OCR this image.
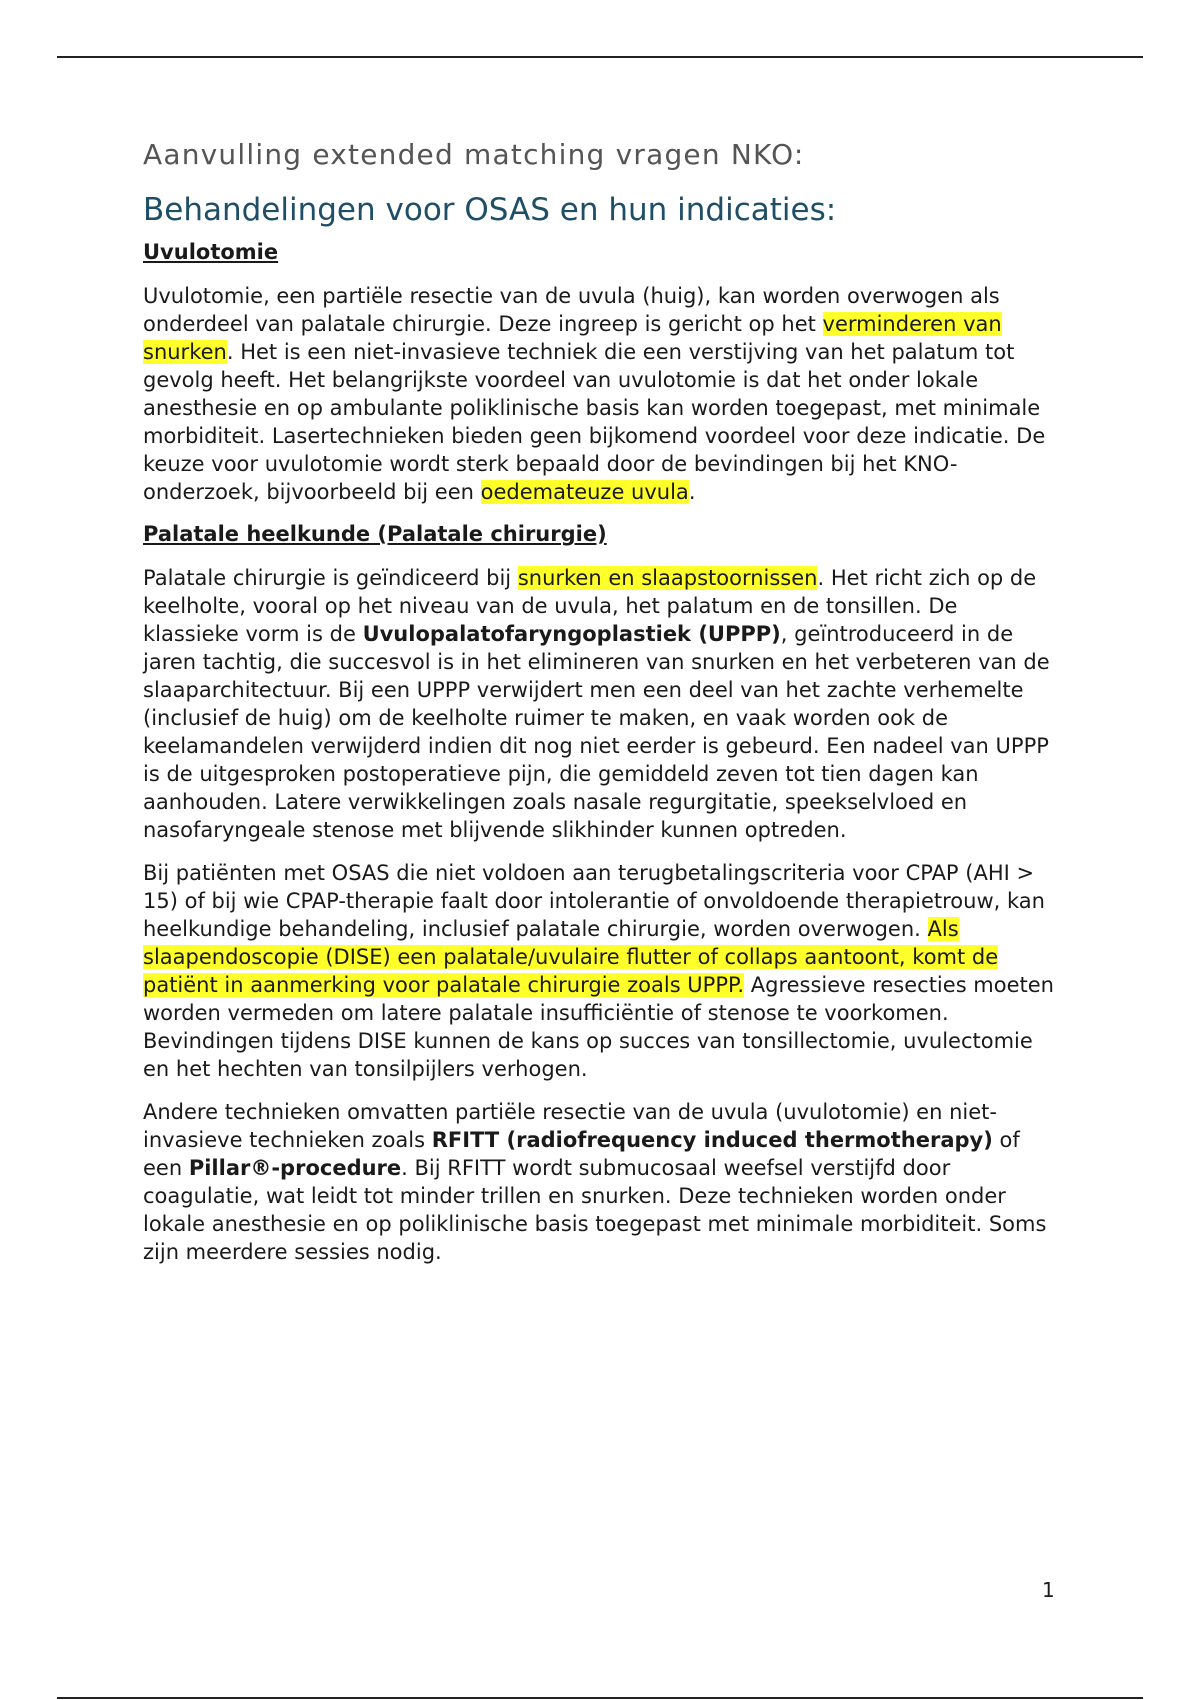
Aanvulling extended matching vragen NKO:
Behandelingen voor OSAS en hun indicaties:
Uvulotomie

Uvulotomie, een partiële resectie van de uvula (huig), kan worden overwogen als onderdeel van palatale chirurgie. Deze ingreep is gericht op het verminderen van snurken. Het is een niet-invasieve techniek die een verstijving van het palatum tot gevolg heeft. Het belangrijkste voordeel van uvulotomie is dat het onder lokale anesthesie en op ambulante poliklinische basis kan worden toegepast, met minimale morbiditeit. Lasertechnieken bieden geen bijkomend voordeel voor deze indicatie. De keuze voor uvulotomie wordt sterk bepaald door de bevindingen bij het KNO-onderzoek, bijvoorbeeld bij een oedemateuze uvula.

Palatale heelkunde (Palatale chirurgie)

Palatale chirurgie is geïndiceerd bij snurken en slaapstoornissen. Het richt zich op de keelholte, vooral op het niveau van de uvula, het palatum en de tonsillen. De klassieke vorm is de Uvulopalatofaryngoplastiek (UPPP), geïntroduceerd in de jaren tachtig, die succesvol is in het elimineren van snurken en het verbeteren van de slaaparchitectuur. Bij een UPPP verwijdert men een deel van het zachte verhemelte (inclusief de huig) om de keelholte ruimer te maken, en vaak worden ook de keelamandelen verwijderd indien dit nog niet eerder is gebeurd. Een nadeel van UPPP is de uitgesproken postoperatieve pijn, die gemiddeld zeven tot tien dagen kan aanhouden. Latere verwikkelingen zoals nasale regurgitatie, speekselvloed en nasofaryngeale stenose met blijvende slikhinder kunnen optreden.

Bij patiënten met OSAS die niet voldoen aan terugbetalingscriteria voor CPAP (AHI > 15) of bij wie CPAP-therapie faalt door intolerantie of onvoldoende therapietrouw, kan heelkundige behandeling, inclusief palatale chirurgie, worden overwogen. Als slaapendoscopie (DISE) een palatale/uvulaire flutter of collaps aantoont, komt de patiënt in aanmerking voor palatale chirurgie zoals UPPP. Agressieve resecties moeten worden vermeden om latere palatale insufficiëntie of stenose te voorkomen. Bevindingen tijdens DISE kunnen de kans op succes van tonsillectomie, uvulectomie en het hechten van tonsilpijlers verhogen.

Andere technieken omvatten partiële resectie van de uvula (uvulotomie) en niet-invasieve technieken zoals RFITT (radiofrequency induced thermotherapy) of een Pillar®-procedure. Bij RFITT wordt submucosaal weefsel verstijfd door coagulatie, wat leidt tot minder trillen en snurken. Deze technieken worden onder lokale anesthesie en op poliklinische basis toegepast met minimale morbiditeit. Soms zijn meerdere sessies nodig.

1
